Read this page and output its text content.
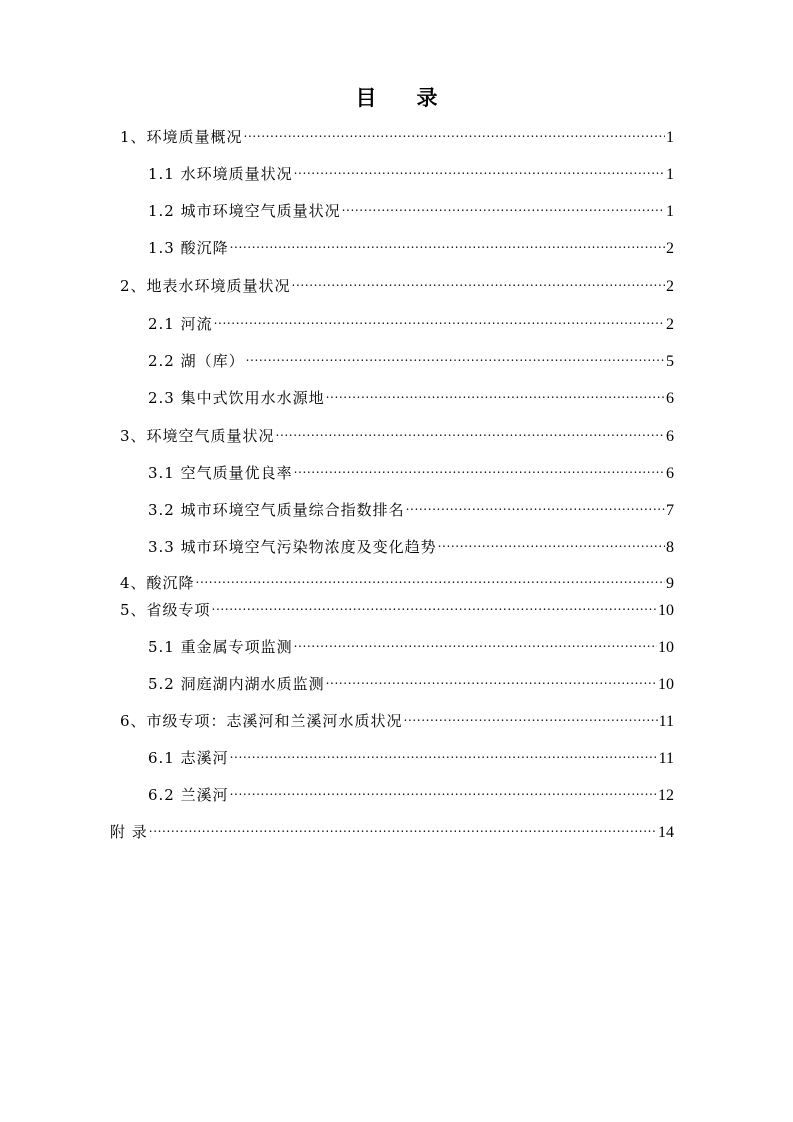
目 录
1、环境质量概况 .....	1
1.1 水环境质量状况 .....	1
1.2 城市环境空气质量状况 .....	1
1.3 酸沉降 .....	2
2、地表水环境质量状况 .....	2
2.1 河流 .....	2
2.2 湖（库） .....	5
2.3 集中式饮用水水源地 .....	6
3、环境空气质量状况 .....	6
3.1 空气质量优良率 .....	6
3.2 城市环境空气质量综合指数排名 .....	7
3.3 城市环境空气污染物浓度及变化趋势 .....	8
4、酸沉降 .....	9
5、省级专项 .....	10
5.1 重金属专项监测 .....	10
5.2 洞庭湖内湖水质监测 .....	10
6、市级专项：志溪河和兰溪河水质状况 .....	11
6.1 志溪河 .....	11
6.2 兰溪河 .....	12
附 录 .....	14
